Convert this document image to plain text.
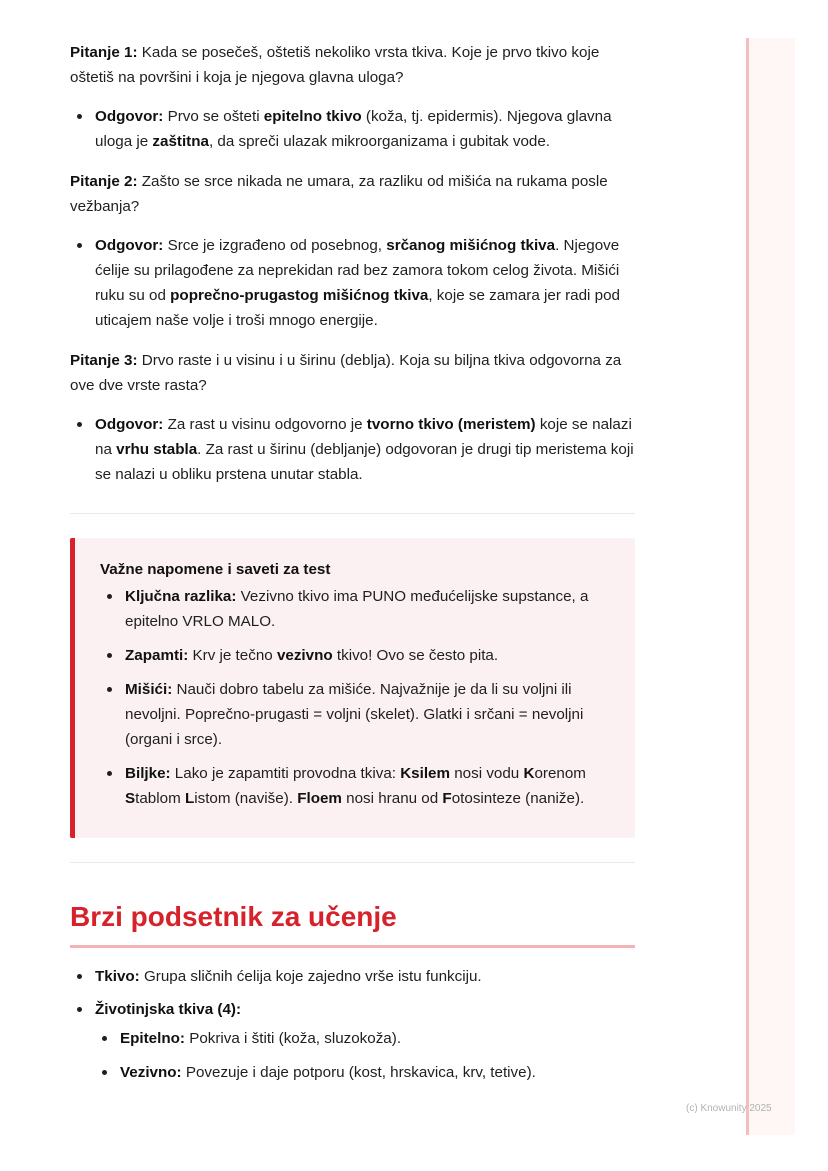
Pitanje 1: Kada se posečeš, oštetiš nekoliko vrsta tkiva. Koje je prvo tkivo koje oštetiš na površini i koja je njegova glavna uloga?

Odgovor: Prvo se ošteti epitelno tkivo (koža, tj. epidermis). Njegova glavna uloga je zaštitna, da spreči ulazak mikroorganizama i gubitak vode.

Pitanje 2: Zašto se srce nikada ne umara, za razliku od mišića na rukama posle vežbanja?

Odgovor: Srce je izgrađeno od posebnog, srčanog mišićnog tkiva. Njegove ćelije su prilagođene za neprekidan rad bez zamora tokom celog života. Mišići ruku su od poprečno-prugastog mišićnog tkiva, koje se zamara jer radi pod uticajem naše volje i troši mnogo energije.

Pitanje 3: Drvo raste i u visinu i u širinu (deblja). Koja su biljna tkiva odgovorna za ove dve vrste rasta?

Odgovor: Za rast u visinu odgovorno je tvorno tkivo (meristem) koje se nalazi na vrhu stabla. Za rast u širinu (debljanje) odgovoran je drugi tip meristema koji se nalazi u obliku prstena unutar stabla.

Važne napomene i saveti za test

Ključna razlika: Vezivno tkivo ima PUNO međućelijske supstance, a epitelno VRLO MALO.
Zapamti: Krv je tečno vezivno tkivo! Ovo se često pita.
Mišići: Nauči dobro tabelu za mišiće. Najvažnije je da li su voljni ili nevoljni. Poprečno-prugasti = voljni (skelet). Glatki i srčani = nevoljni (organi i srce).
Biljke: Lako je zapamtiti provodna tkiva: Ksilem nosi vodu Korenom Stablom Listom (naviše). Floem nosi hranu od Fotosinteze (naniže).
Brzi podsetnik za učenje
Tkivo: Grupa sličnih ćelija koje zajedno vrše istu funkciju.
Životinjska tkiva (4):
Epitelno: Pokriva i štiti (koža, sluzokoža).
Vezivno: Povezuje i daje potporu (kost, hrskavica, krv, tetive).
(c) Knowunity 2025
